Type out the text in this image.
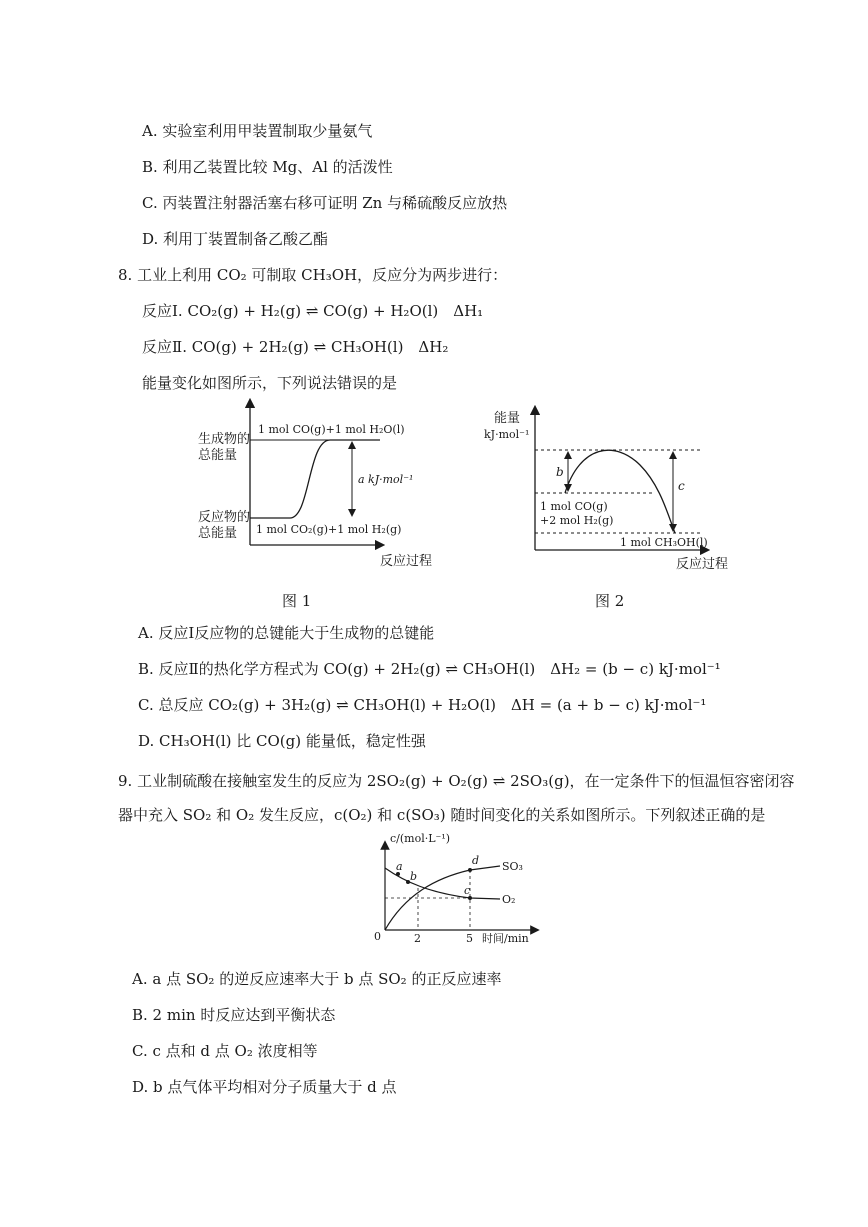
A. 实验室利用甲装置制取少量氨气
B. 利用乙装置比较 Mg、Al 的活泼性
C. 丙装置注射器活塞右移可证明 Zn 与稀硫酸反应放热
D. 利用丁装置制备乙酸乙酯
8. 工业上利用 CO₂ 可制取 CH₃OH，反应分为两步进行：
反应Ⅰ. CO₂(g) + H₂(g) ⇌ CO(g) + H₂O(l)　ΔH₁
反应Ⅱ. CO(g) + 2H₂(g) ⇌ CH₃OH(l)　ΔH₂
能量变化如图所示，下列说法错误的是
生成物的
总能量
1 mol CO(g)+1 mol H₂O(l)
反应物的
总能量 1 mol CO₂(g)+1 mol H₂(g)
a kJ·mol⁻¹
反应过程
图 1
能量
kJ·mol⁻¹
b
c
1 mol CO(g)
+2 mol H₂(g)
1 mol CH₃OH(l)
反应过程
图 2
A. 反应Ⅰ反应物的总键能大于生成物的总键能
B. 反应Ⅱ的热化学方程式为 CO(g) + 2H₂(g) ⇌ CH₃OH(l)　ΔH₂ = (b − c) kJ·mol⁻¹
C. 总反应 CO₂(g) + 3H₂(g) ⇌ CH₃OH(l) + H₂O(l)　ΔH = (a + b − c) kJ·mol⁻¹
D. CH₃OH(l) 比 CO(g) 能量低，稳定性强
9. 工业制硫酸在接触室发生的反应为 2SO₂(g) + O₂(g) ⇌ 2SO₃(g)，在一定条件下的恒温恒容密闭容
器中充入 SO₂ 和 O₂ 发生反应，c(O₂) 和 c(SO₃) 随时间变化的关系如图所示。下列叙述正确的是
c/(mol·L⁻¹)
0	2	5 时间/min
a
b
c
d SO₃
O₂
A. a 点 SO₂ 的逆反应速率大于 b 点 SO₂ 的正反应速率
B. 2 min 时反应达到平衡状态
C. c 点和 d 点 O₂ 浓度相等
D. b 点气体平均相对分子质量大于 d 点
